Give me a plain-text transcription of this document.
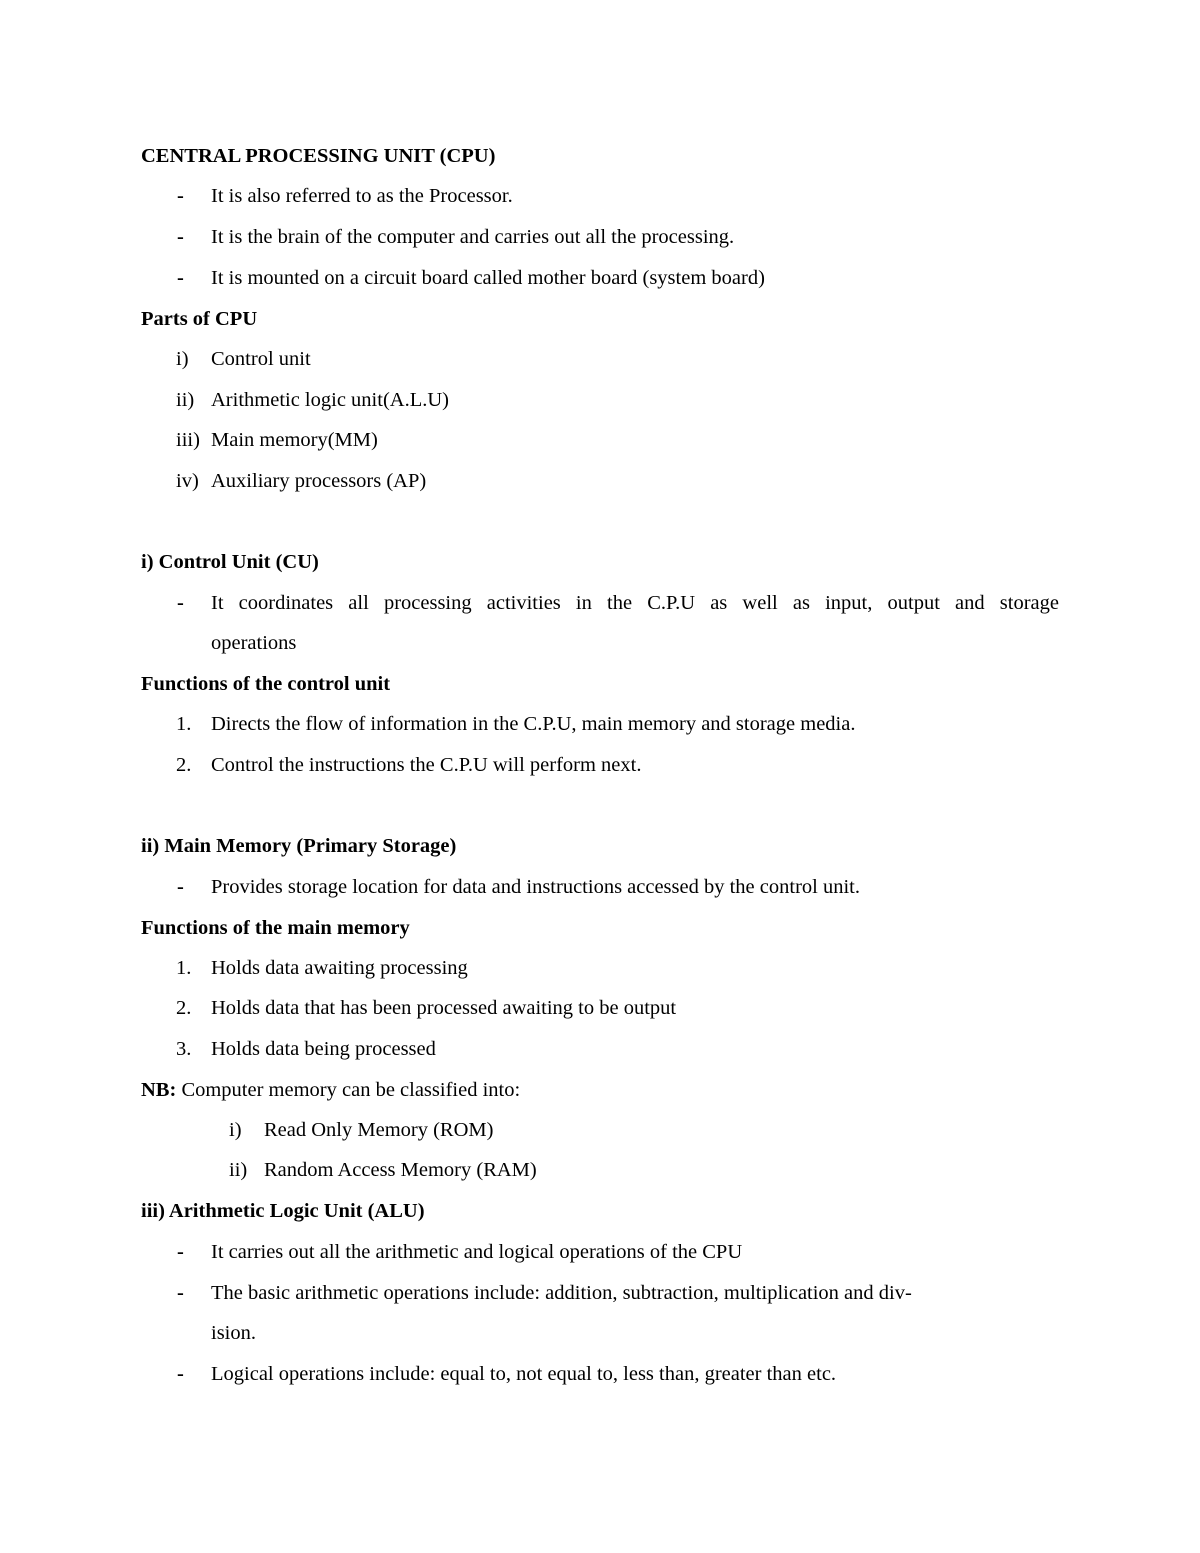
CENTRAL PROCESSING UNIT (CPU)
- It is also referred to as the Processor.
- It is the brain of the computer and carries out all the processing.
- It is mounted on a circuit board called mother board (system board)
Parts of CPU
i) Control unit
ii) Arithmetic logic unit(A.L.U)
iii) Main memory(MM)
iv) Auxiliary processors (AP)
i) Control Unit (CU)
- It coordinates all processing activities in the C.P.U as well as input, output and storage
operations
Functions of the control unit
1. Directs the flow of information in the C.P.U, main memory and storage media.
2. Control the instructions the C.P.U will perform next.
ii) Main Memory (Primary Storage)
- Provides storage location for data and instructions accessed by the control unit.
Functions of the main memory
1. Holds data awaiting processing
2. Holds data that has been processed awaiting to be output
3. Holds data being processed
NB: Computer memory can be classified into:
i) Read Only Memory (ROM)
ii) Random Access Memory (RAM)
iii) Arithmetic Logic Unit (ALU)
- It carries out all the arithmetic and logical operations of the CPU
- The basic arithmetic operations include: addition, subtraction, multiplication and div-
ision.
- Logical operations include: equal to, not equal to, less than, greater than etc.
